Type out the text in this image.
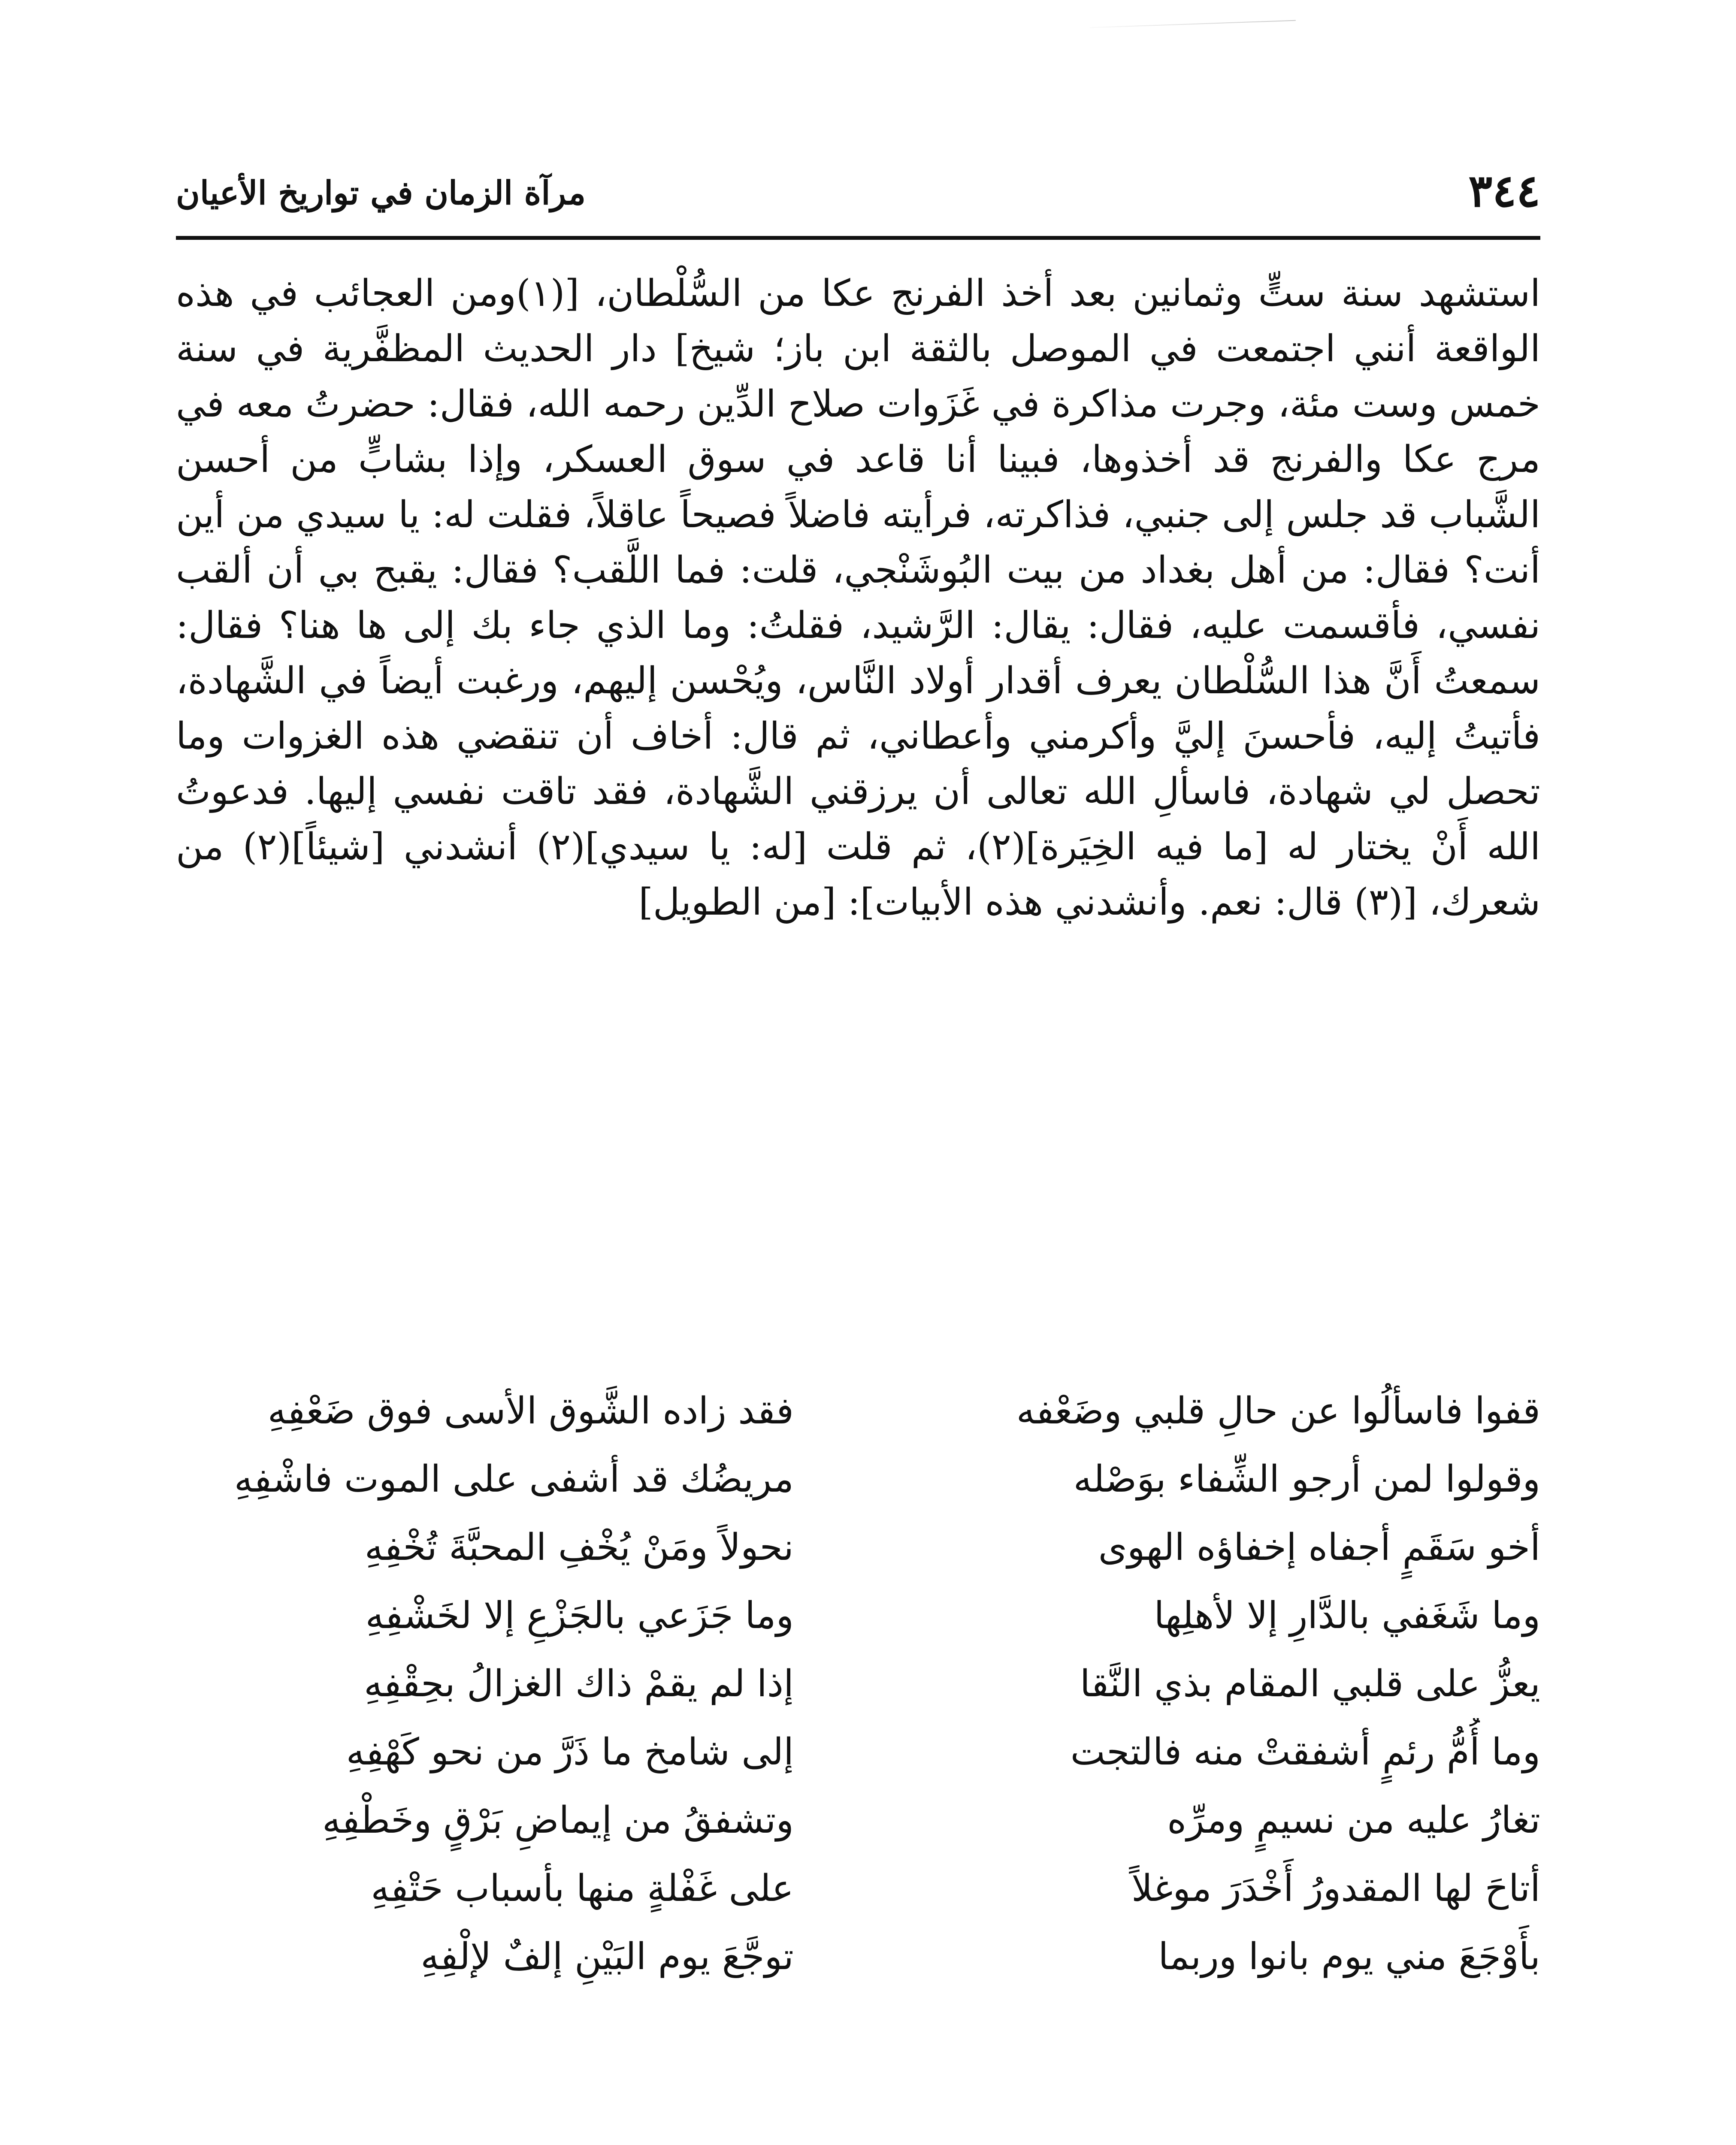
٣٤٤
مرآة الزمان في تواريخ الأعيان

استشهد سنة ستٍّ وثمانين بعد أخذ الفرنج عكا من السُّلْطان، [(١)ومن العجائب في هذه الواقعة أنني اجتمعت في الموصل بالثقة ابن باز؛ شيخ] دار الحديث المظفَّرية في سنة خمس وست مئة، وجرت مذاكرة في غَزَوات صلاح الدِّين رحمه الله، فقال: حضرتُ معه في مرج عكا والفرنج قد أخذوها، فبينا أنا قاعد في سوق العسكر، وإذا بشابٍّ من أحسن الشَّباب قد جلس إلى جنبي، فذاكرته، فرأيته فاضلاً فصيحاً عاقلاً، فقلت له: يا سيدي من أين أنت؟ فقال: من أهل بغداد من بيت البُوشَنْجي، قلت: فما اللَّقب؟ فقال: يقبح بي أن ألقب نفسي، فأقسمت عليه، فقال: يقال: الرَّشيد، فقلتُ: وما الذي جاء بك إلى ها هنا؟ فقال: سمعتُ أَنَّ هذا السُّلْطان يعرف أقدار أولاد النَّاس، ويُحْسن إليهم، ورغبت أيضاً في الشَّهادة، فأتيتُ إليه، فأحسنَ إليَّ وأكرمني وأعطاني، ثم قال: أخاف أن تنقضي هذه الغزوات وما تحصل لي شهادة، فاسألِ الله تعالى أن يرزقني الشَّهادة، فقد تاقت نفسي إليها. فدعوتُ الله أَنْ يختار له [ما فيه الخِيَرة](٢)، ثم قلت [له: يا سيدي](٢) أنشدني [شيئاً](٢) من شعرك، [(٣) قال: نعم. وأنشدني هذه الأبيات]: [من الطويل]

قفوا فاسألُوا عن حالِ قلبي وضَعْفه
فقد زاده الشَّوق الأسى فوق ضَعْفِهِ
وقولوا لمن أرجو الشِّفاء بوَصْله
مريضُك قد أشفى على الموت فاشْفِهِ
أخو سَقَمٍ أجفاه إخفاؤه الهوى
نحولاً ومَنْ يُخْفِ المحبَّةَ تُخْفِهِ
وما شَغَفي بالدَّارِ إلا لأهلِها
وما جَزَعي بالجَزْعِ إلا لخَشْفِهِ
يعزُّ على قلبي المقام بذي النَّقا
إذا لم يقمْ ذاك الغزالُ بحِقْفِهِ
وما أُمُّ رئمٍ أشفقتْ منه فالتجت
إلى شامخ ما ذَرَّ من نحو كَهْفِهِ
تغارُ عليه من نسيمٍ ومرِّه
وتشفقُ من إيماضِ بَرْقٍ وخَطْفِهِ
أتاحَ لها المقدورُ أَخْدَرَ موغلاً
على غَفْلةٍ منها بأسباب حَتْفِهِ
بأَوْجَعَ مني يوم بانوا وربما
توجَّعَ يوم البَيْنِ إلفٌ لإلْفِهِ
